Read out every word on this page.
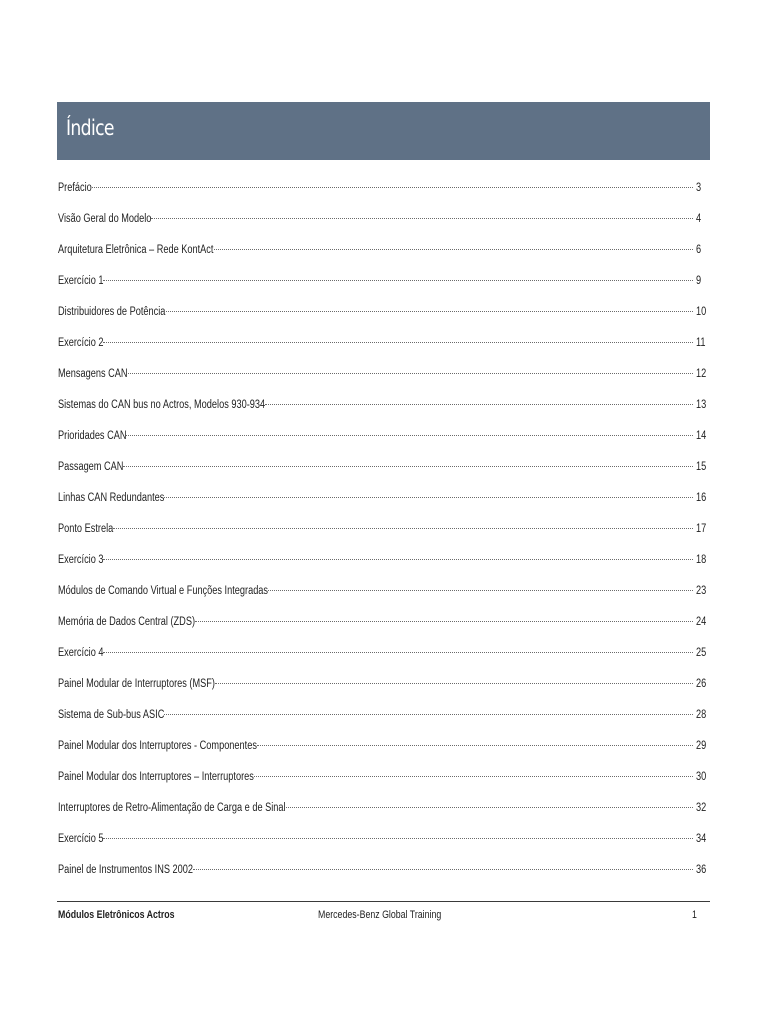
Índice
Prefácio	3
Visão Geral do Modelo	4
Arquitetura Eletrônica – Rede KontAct	6
Exercício 1	9
Distribuidores de Potência	10
Exercício 2	11
Mensagens CAN	12
Sistemas do CAN bus no Actros, Modelos 930-934	13
Prioridades CAN	14
Passagem CAN	15
Linhas CAN Redundantes	16
Ponto Estrela	17
Exercício 3	18
Módulos de Comando Virtual e Funções Integradas	23
Memória de Dados Central (ZDS)	24
Exercício 4	25
Painel Modular de Interruptores (MSF)	26
Sistema de Sub-bus ASIC	28
Painel Modular dos Interruptores - Componentes	29
Painel Modular dos Interruptores – Interruptores	30
Interruptores de Retro-Alimentação de Carga e de Sinal	32
Exercício 5	34
Painel de Instrumentos INS 2002	36
Módulos Eletrônicos Actros	Mercedes-Benz Global Training	1
